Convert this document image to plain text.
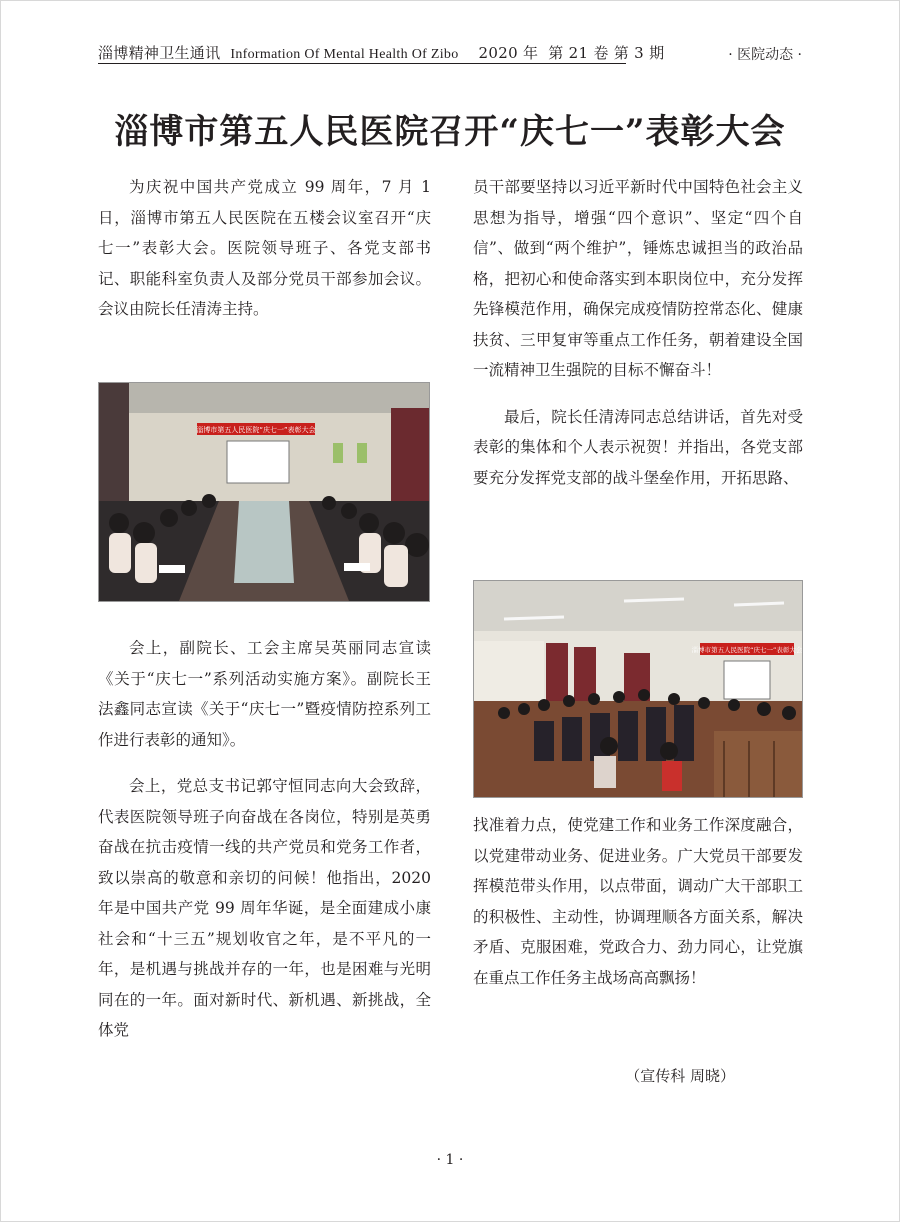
淄博精神卫生通讯 Information Of Mental Health Of Zibo 2020 年 第 21 卷 第 3 期	· 医院动态 ·
淄博市第五人民医院召开“庆七一”表彰大会

为庆祝中国共产党成立 99 周年，7 月 1 日，淄博市第五人民医院在五楼会议室召开“庆七一”表彰大会。医院领导班子、各党支部书记、职能科室负责人及部分党员干部参加会议。会议由院长任清涛主持。

淄博市第五人民医院“庆七一”表彰大会

会上，副院长、工会主席吴英丽同志宣读《关于“庆七一”系列活动实施方案》。副院长王法鑫同志宣读《关于“庆七一”暨疫情防控系列工作进行表彰的通知》。

会上，党总支书记郭守恒同志向大会致辞，代表医院领导班子向奋战在各岗位，特别是英勇奋战在抗击疫情一线的共产党员和党务工作者，致以崇高的敬意和亲切的问候！他指出，2020 年是中国共产党 99 周年华诞，是全面建成小康社会和“十三五”规划收官之年，是不平凡的一年，是机遇与挑战并存的一年，也是困难与光明同在的一年。面对新时代、新机遇、新挑战，全体党

员干部要坚持以习近平新时代中国特色社会主义思想为指导，增强“四个意识”、坚定“四个自信”、做到“两个维护”，锤炼忠诚担当的政治品格，把初心和使命落实到本职岗位中，充分发挥先锋模范作用，确保完成疫情防控常态化、健康扶贫、三甲复审等重点工作任务，朝着建设全国一流精神卫生强院的目标不懈奋斗！

最后，院长任清涛同志总结讲话，首先对受表彰的集体和个人表示祝贺！并指出，各党支部要充分发挥党支部的战斗堡垒作用，开拓思路、

淄博市第五人民医院“庆七一”表彰大会

找准着力点，使党建工作和业务工作深度融合，以党建带动业务、促进业务。广大党员干部要发挥模范带头作用，以点带面，调动广大干部职工的积极性、主动性，协调理顺各方面关系，解决矛盾、克服困难，党政合力、劲力同心，让党旗在重点工作任务主战场高高飘扬！

（宣传科 周晓）
· 1 ·
